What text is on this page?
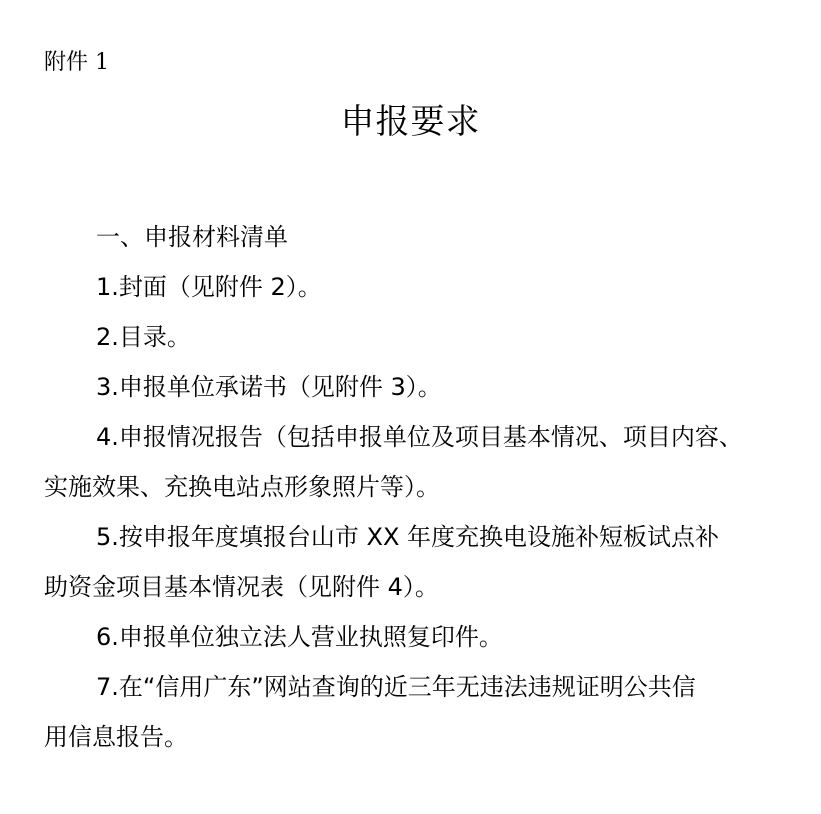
附件 1
申报要求

一、申报材料清单

1.封面（见附件 2）。

2.目录。

3.申报单位承诺书（见附件 3）。

4.申报情况报告（包括申报单位及项目基本情况、项目内容、
实施效果、充换电站点形象照片等）。

5.按申报年度填报台山市 XX 年度充换电设施补短板试点补
助资金项目基本情况表（见附件 4）。

6.申报单位独立法人营业执照复印件。

7.在“信用广东”网站查询的近三年无违法违规证明公共信
用信息报告。
